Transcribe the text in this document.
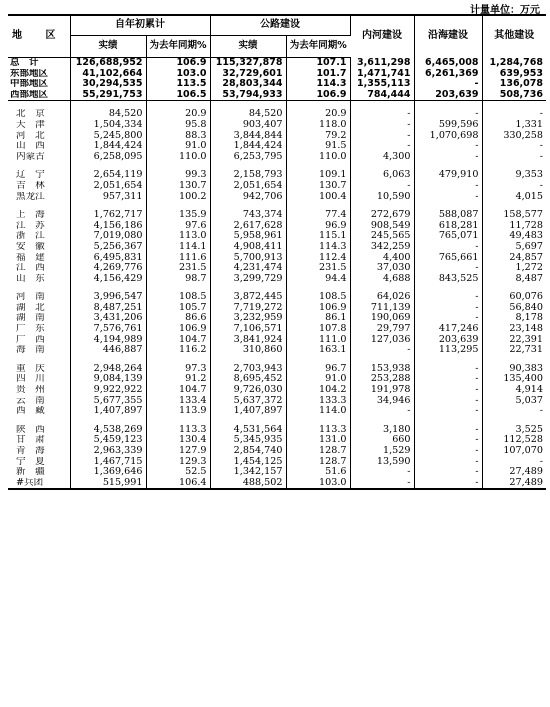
计量单位：万元
地 区	自年初累计		公路建设		内河建设	沿海建设	其他建设
	实绩	为去年同期%	实绩	为去年同期%			
总　计	126,688,952	106.9	115,327,878	107.1	3,611,298	6,465,008	1,284,768
东部地区	41,102,664	103.0	32,729,601	101.7	1,471,741	6,261,369	639,953
中部地区	30,294,535	113.5	28,803,344	114.3	1,355,113	-	136,078
西部地区	55,291,753	106.5	53,794,933	106.9	784,444	203,639	508,736

北　京	84,520	20.9	84,520	20.9	-	-	-
天　津	1,504,334	95.8	903,407	118.0	-	599,596	1,331
河　北	5,245,800	88.3	3,844,844	79.2	-	1,070,698	330,258
山　西	1,844,424	91.0	1,844,424	91.5	-	-	-
内蒙古	6,258,095	110.0	6,253,795	110.0	4,300	-	-

辽　宁	2,654,119	99.3	2,158,793	109.1	6,063	479,910	9,353
吉　林	2,051,654	130.7	2,051,654	130.7	-	-	-
黑龙江	957,311	100.2	942,706	100.4	10,590	-	4,015

上　海	1,762,717	135.9	743,374	77.4	272,679	588,087	158,577
江　苏	4,156,186	97.6	2,617,628	96.9	908,549	618,281	11,728
浙　江	7,019,080	113.0	5,958,961	115.1	245,565	765,071	49,483
安　徽	5,256,367	114.1	4,908,411	114.3	342,259	-	5,697
福　建	6,495,831	111.6	5,700,913	112.4	4,400	765,661	24,857
江　西	4,269,776	231.5	4,231,474	231.5	37,030	-	1,272
山　东	4,156,429	98.7	3,299,729	94.4	4,688	843,525	8,487

河　南	3,996,547	108.5	3,872,445	108.5	64,026	-	60,076
湖　北	8,487,251	105.7	7,719,272	106.9	711,139	-	56,840
湖　南	3,431,206	86.6	3,232,959	86.1	190,069	-	8,178
广　东	7,576,761	106.9	7,106,571	107.8	29,797	417,246	23,148
广　西	4,194,989	104.7	3,841,924	111.0	127,036	203,639	22,391
海　南	446,887	116.2	310,860	163.1	-	113,295	22,731

重　庆	2,948,264	97.3	2,703,943	96.7	153,938	-	90,383
四　川	9,084,139	91.2	8,695,452	91.0	253,288	-	135,400
贵　州	9,922,922	104.7	9,726,030	104.2	191,978	-	4,914
云　南	5,677,355	133.4	5,637,372	133.3	34,946	-	5,037
西　藏	1,407,897	113.9	1,407,897	114.0	-	-	-

陕　西	4,538,269	113.3	4,531,564	113.3	3,180	-	3,525
甘　肃	5,459,123	130.4	5,345,935	131.0	660	-	112,528
青　海	2,963,339	127.9	2,854,740	128.7	1,529	-	107,070
宁　夏	1,467,715	129.3	1,454,125	128.7	13,590	-	-
新　疆	1,369,646	52.5	1,342,157	51.6	-	-	27,489
#兵团	515,991	106.4	488,502	103.0	-	-	27,489
